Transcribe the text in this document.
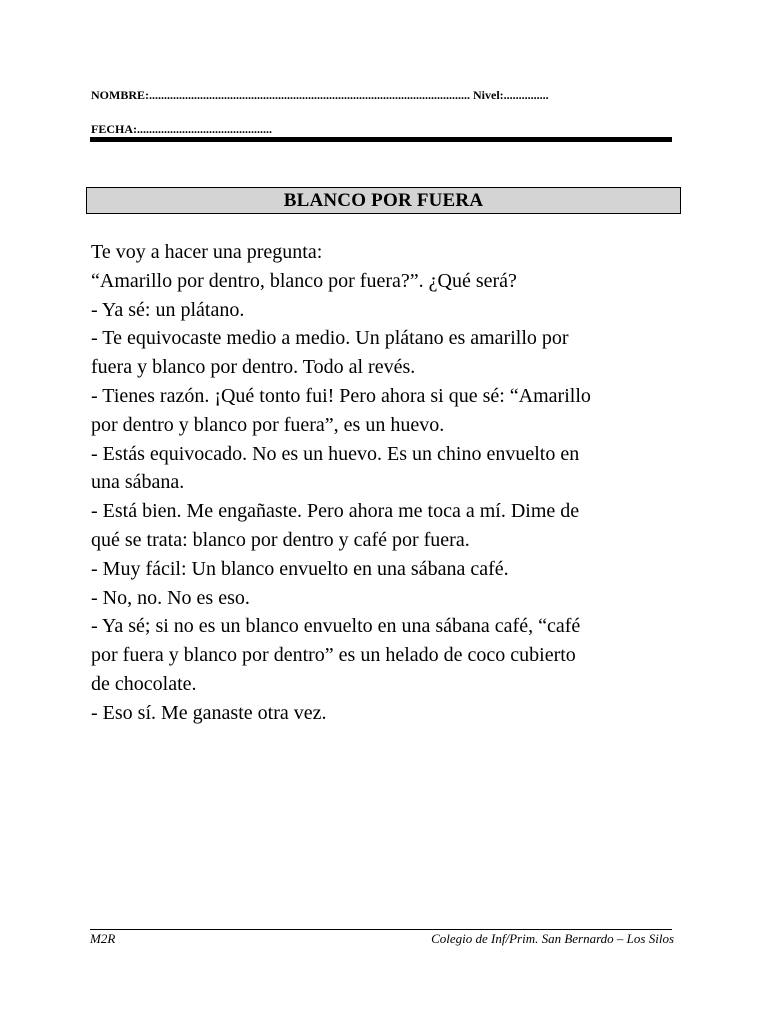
NOMBRE:........................................................................................................... Nivel:...............
FECHA:.............................................
BLANCO POR FUERA
Te voy a hacer una pregunta:
“Amarillo por dentro, blanco por fuera?”. ¿Qué será?
- Ya sé: un plátano.
- Te equivocaste medio a medio. Un plátano es amarillo por
fuera y blanco por dentro. Todo al revés.
- Tienes razón. ¡Qué tonto fui! Pero ahora si que sé: “Amarillo
por dentro y blanco por fuera”, es un huevo.
- Estás equivocado. No es un huevo. Es un chino envuelto en
una sábana.
- Está bien. Me engañaste. Pero ahora me toca a mí. Dime de
qué se trata: blanco por dentro y café por fuera.
- Muy fácil: Un blanco envuelto en una sábana café.
- No, no. No es eso.
- Ya sé; si no es un blanco envuelto en una sábana café, “café
por fuera y blanco por dentro” es un helado de coco cubierto
de chocolate.
- Eso sí. Me ganaste otra vez.
M2R	Colegio de Inf/Prim. San Bernardo – Los Silos
